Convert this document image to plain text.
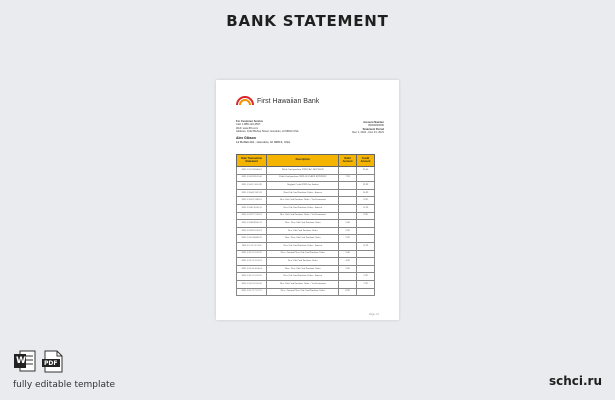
BANK STATEMENT
First Hawaiian Bank
For Customer Service
Call: 1-888-123-4567
Web: www.fhb.com
Address: 1132 Bishop Street, Honolulu, HI 96813 USA
Account Number
00000000000
Statement Period
Dec 1, 2021 - Dec 31, 2021
Alex Gibson
12 Buffalo Rd., Honolulu, HI 96813, USA
Date Transaction Statement	Description	Debit Amount	Credit Amount
2021-12-01 09:00:01	Debit Card purchase 9999 F&G RESTAUR		22.45
2021-12-02 09:12:41	Debit Card purchase 9999 ALVAREZ KITCHEN	7.99	
2021-12-03 11:10:29	Original Credit 9999 Gas Station		29.99
2021-12-04 12:07:19	Non-Gift Card Purchase Order - Interest		10.99
2021-12-05 15:09:12	New Gift Card Purchase Order - Yes Restaurant		9.99
2021-12-06 16:20:11	New Gift Card Purchase Order - Interest		11.99
2021-12-07 17:33:21	New Gift Card Purchase Order - Yes Restaurant		9.99
2021-12-08 09:20:11	Non - New Gift Card Purchase Order	5.49	
2021-12-09 10:35:21	New Gift Card Purchase Order	3.99	
2021-12-10 08:09:12	Non - New Gift Card Purchase Order	2.99	
2021-12-11 11:11:11	New Gift Card Purchase Order - Interest		11.99
2021-12-12 12:12:12	New - Internal New Gift Card Purchase Order	9.49	
2021-12-13 13:13:13	New Gift Card Purchase Order	4.99	
2021-12-14 14:14:14	Non - New Gift Card Purchase Order	3.99	
2021-12-15 15:15:15	New Gift Card Purchase Order - Interest		2.99
2021-12-16 16:16:16	New Gift Card Purchase Order - Yes Restaurant		7.99
2021-12-17 17:17:17	New - Internal New Gift Card Purchase Order	8.99	
Page 1/1
W	PDF
fully editable template	schci.ru
